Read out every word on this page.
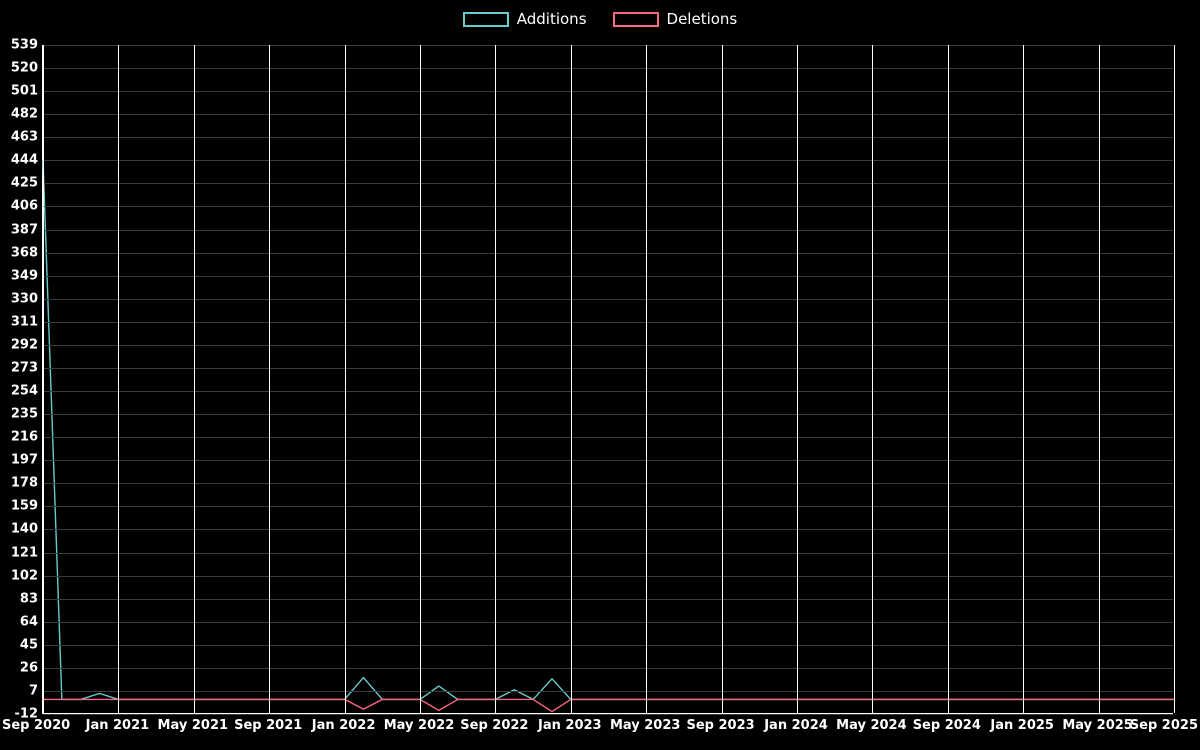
Additions	Deletions
-12
7
26
45
64
83
102
121
140
159
178
197
216
235
254
273
292
311
330
349
368
387
406
425
444
463
482
501
520
539
Sep 2020 Jan 2021 May 2021 Sep 2021 Jan 2022 May 2022 Sep 2022 Jan 2023 May 2023 Sep 2023 Jan 2024 May 2024 Sep 2024 Jan 2025 May 2025
Sep 2025
